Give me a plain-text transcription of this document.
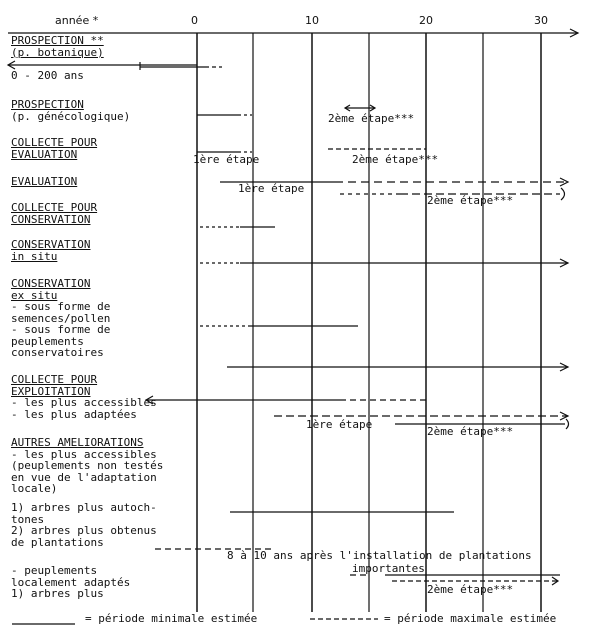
année *	0	10	20	30
PROSPECTION **
(p. botanique)
0 - 200 ans
PROSPECTION
(p. génécologique)
COLLECTE POUR
EVALUATION
EVALUATION
COLLECTE POUR
CONSERVATION
CONSERVATION
in situ
CONSERVATION
ex situ
- sous forme de
semences/pollen
- sous forme de
peuplements
conservatoires
COLLECTE POUR
EXPLOITATION
- les plus accessibles
- les plus adaptées
AUTRES AMELIORATIONS
- les plus accessibles
(peuplements non testés
en vue de l'adaptation
locale)
1) arbres plus autoch-
tones
2) arbres plus obtenus
de plantations
- peuplements
localement adaptés
1) arbres plus
2ème étape***
1ère étape	2ème étape***
1ère étape
2ème étape***
1ère étape
2ème étape***
8 à 10 ans après l'installation de plantations
importantes
2ème étape***
= période minimale estimée	= période maximale estimée
